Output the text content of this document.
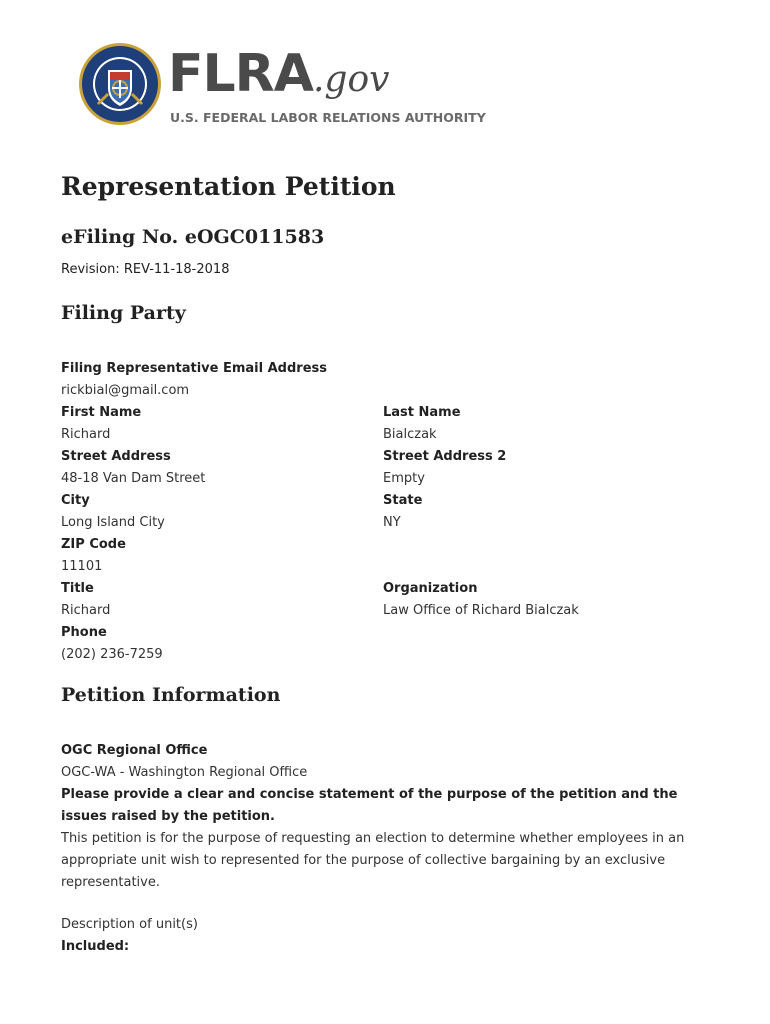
FLRA.gov
U.S. FEDERAL LABOR RELATIONS AUTHORITY
Representation Petition
eFiling No. eOGC011583
Revision: REV-11-18-2018
Filing Party
Filing Representative Email Address
rickbial@gmail.com
First Name
Richard
Last Name
Bialczak
Street Address
48-18 Van Dam Street
Street Address 2
Empty
City
Long Island City
State
NY
ZIP Code
11101
Title
Richard
Organization
Law Office of Richard Bialczak
Phone
(202) 236-7259
Petition Information
OGC Regional Office
OGC-WA - Washington Regional Office
Please provide a clear and concise statement of the purpose of the petition and the issues raised by the petition.
This petition is for the purpose of requesting an election to determine whether employees in an appropriate unit wish to represented for the purpose of collective bargaining by an exclusive representative.
Description of unit(s)
Included:
